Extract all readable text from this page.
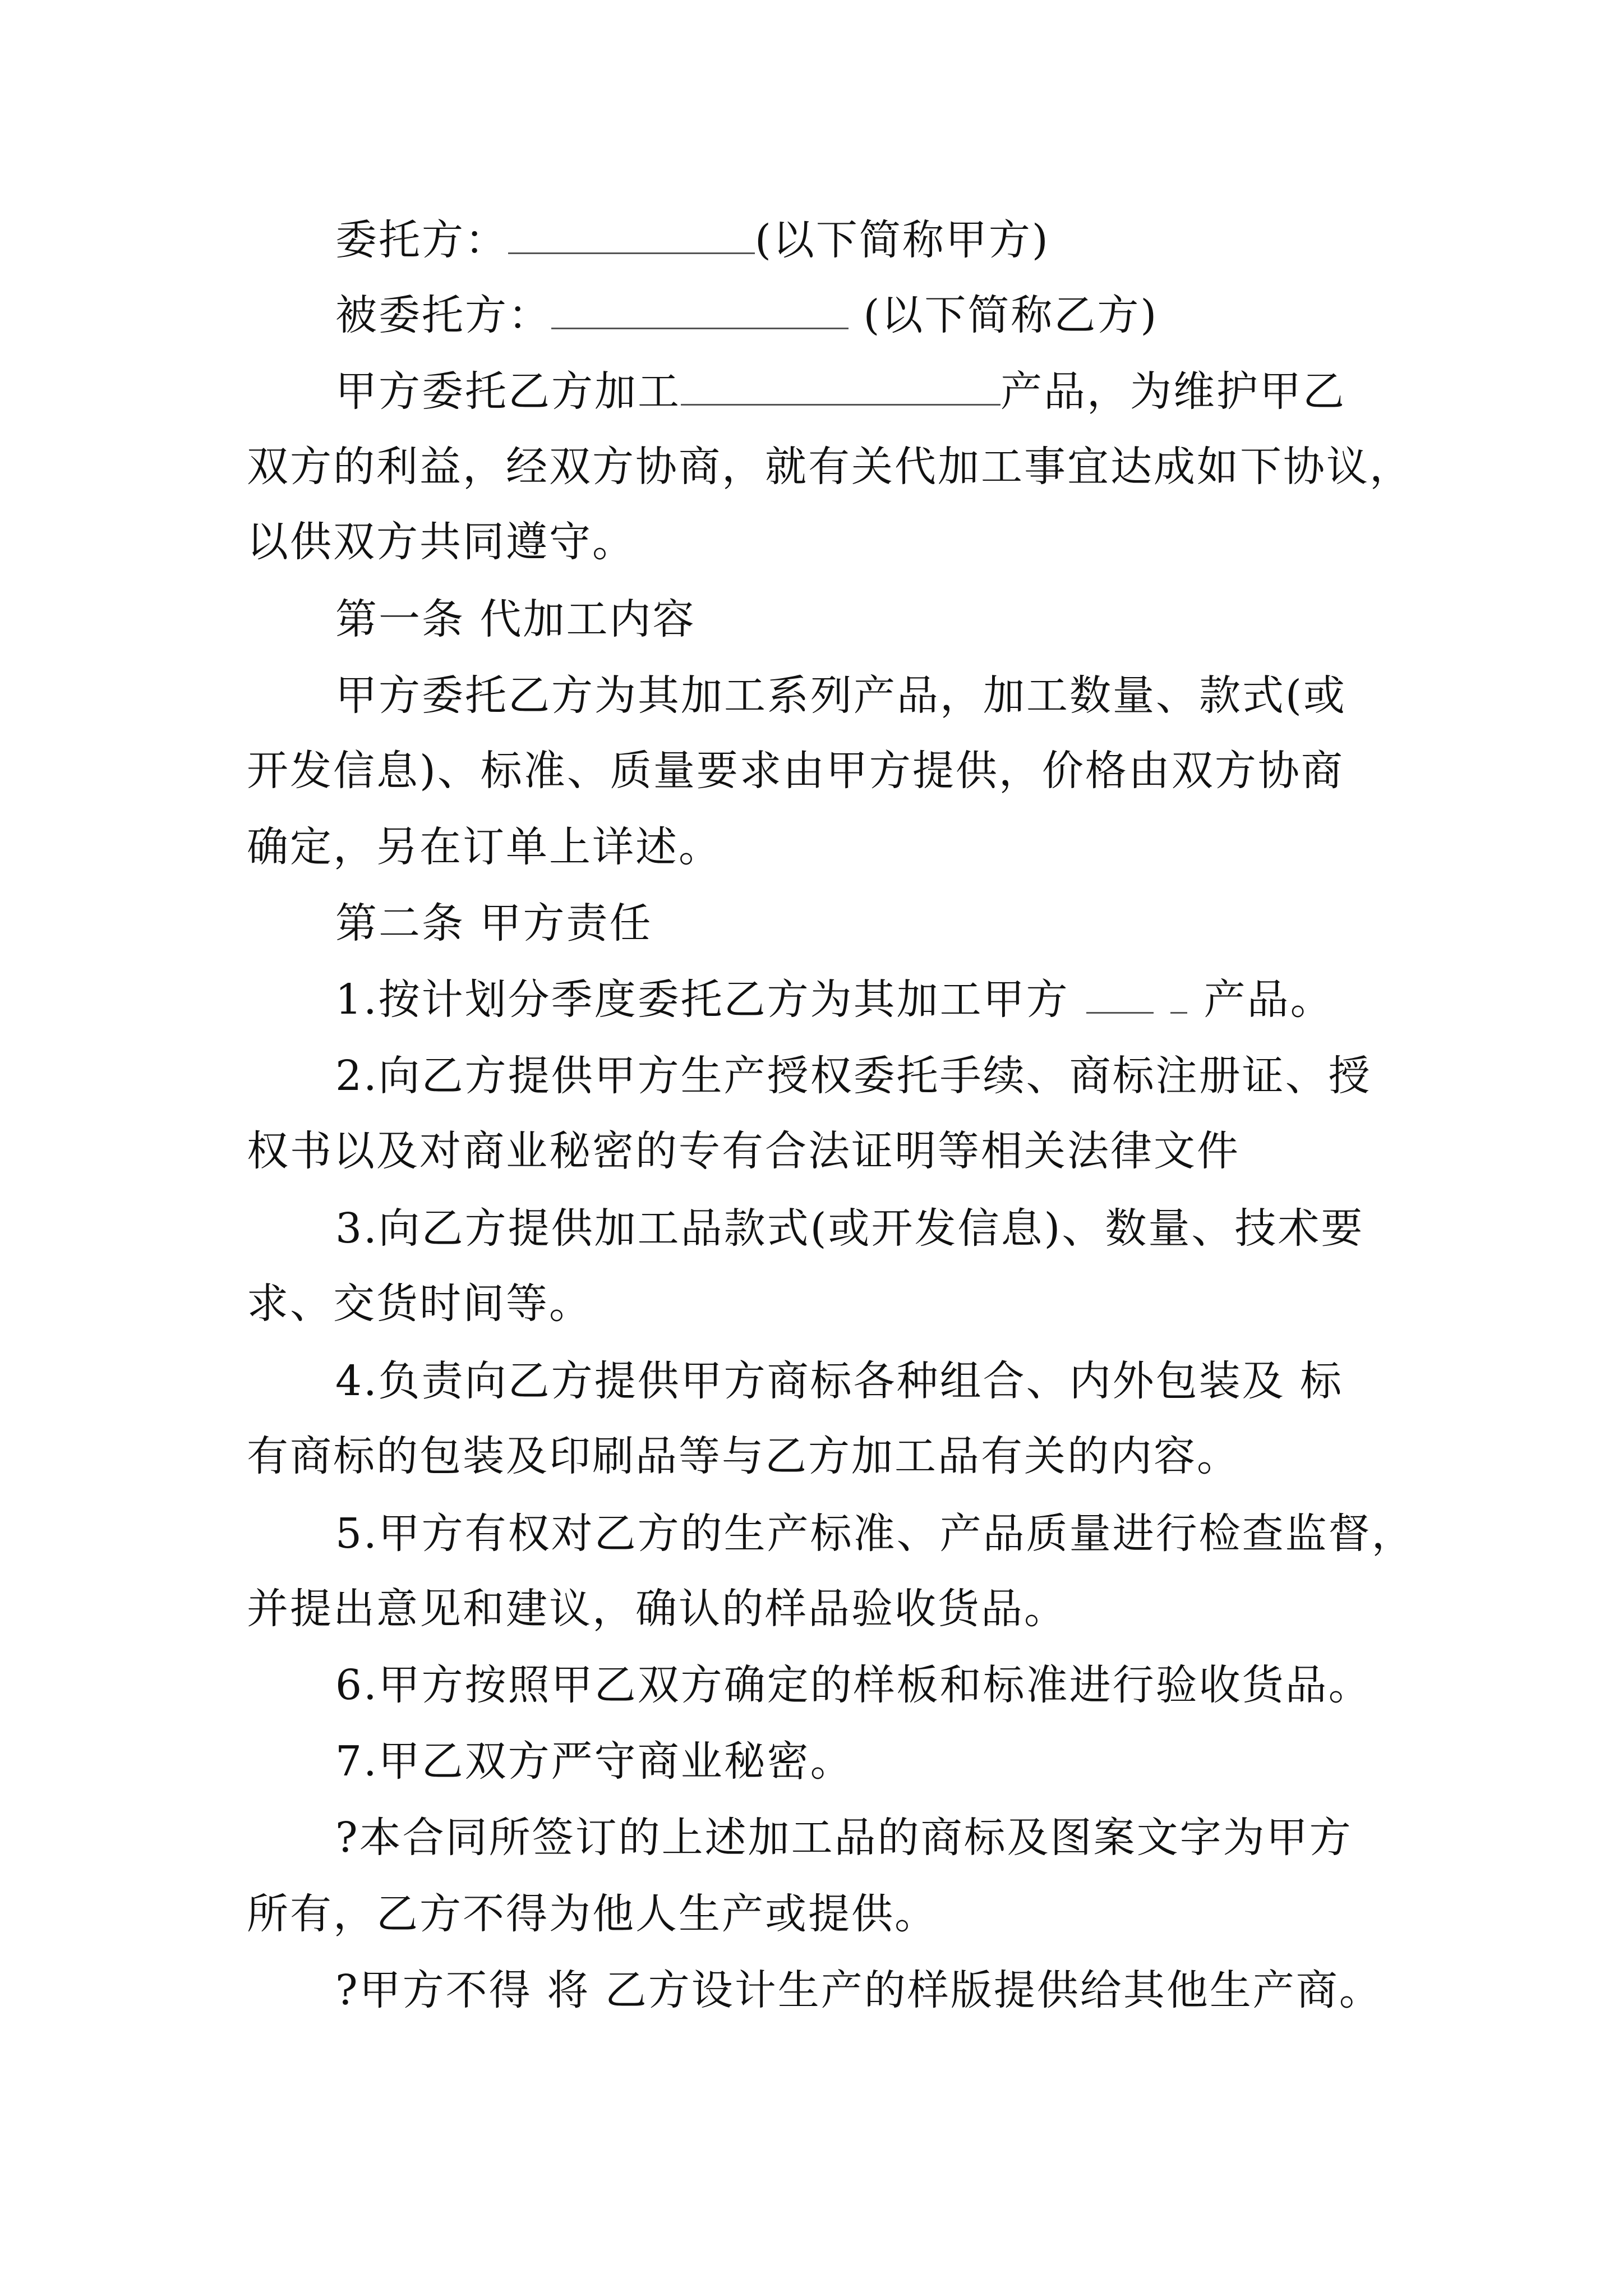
委托方：	(以下简称甲方)
被委托方：	(以下简称乙方)
甲方委托乙方加工	产品，为维护甲乙
双方的利益，经双方协商，就有关代加工事宜达成如下协议，
以供双方共同遵守。
第一条 代加工内容
甲方委托乙方为其加工系列产品，加工数量、款式(或
开发信息)、标准、质量要求由甲方提供，价格由双方协商
确定，另在订单上详述。
第二条 甲方责任
1.按计划分季度委托乙方为其加工甲方	产品。
2.向乙方提供甲方生产授权委托手续、商标注册证、授
权书以及对商业秘密的专有合法证明等相关法律文件
3.向乙方提供加工品款式(或开发信息)、数量、技术要
求、交货时间等。
4.负责向乙方提供甲方商标各种组合、内外包装及 标
有商标的包装及印刷品等与乙方加工品有关的内容。
5.甲方有权对乙方的生产标准、产品质量进行检查监督，
并提出意见和建议，确认的样品验收货品。
6.甲方按照甲乙双方确定的样板和标准进行验收货品。
7.甲乙双方严守商业秘密。
?本合同所签订的上述加工品的商标及图案文字为甲方
所有，乙方不得为他人生产或提供。
?甲方不得 将 乙方设计生产的样版提供给其他生产商。
